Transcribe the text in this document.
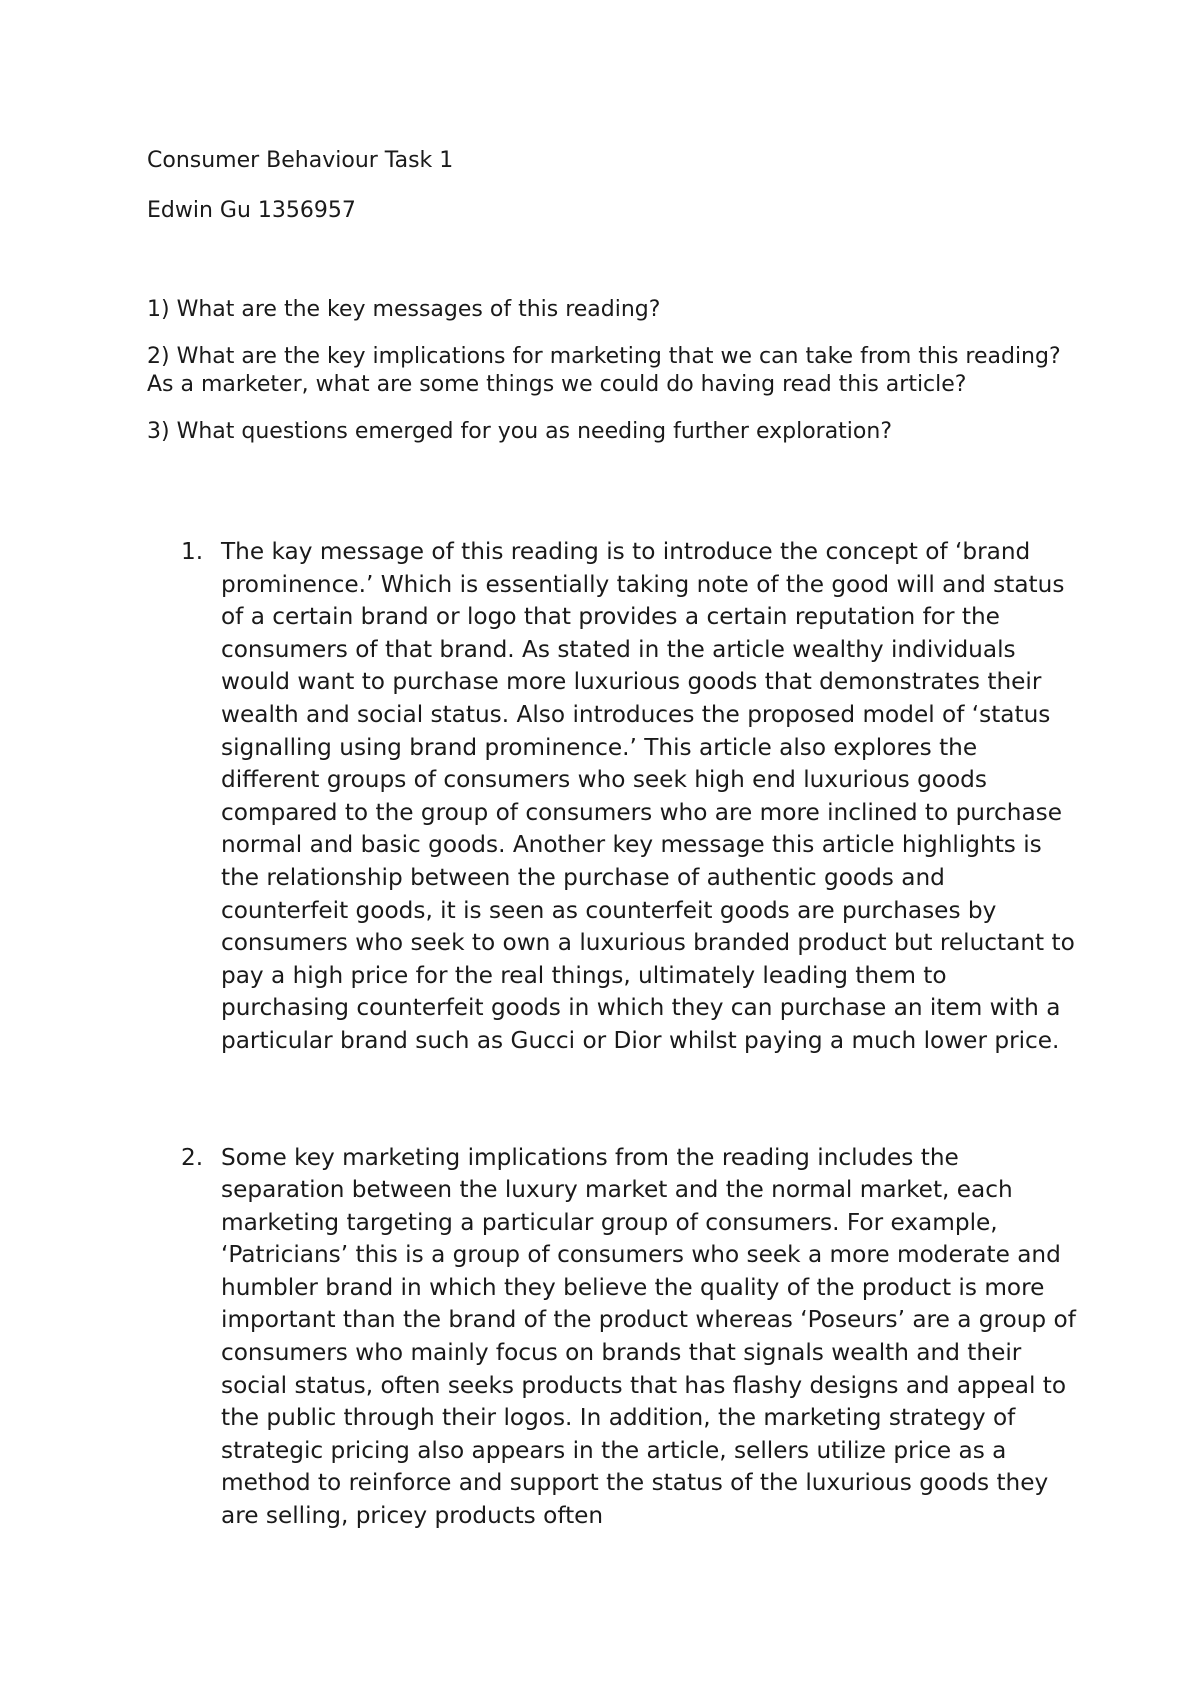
Consumer Behaviour Task 1

Edwin Gu 1356957

1) What are the key messages of this reading?

2) What are the key implications for marketing that we can take from this reading? As a marketer, what are some things we could do having read this article?

3) What questions emerged for you as needing further exploration?

1. The kay message of this reading is to introduce the concept of ‘brand prominence.’ Which is essentially taking note of the good will and status of a certain brand or logo that provides a certain reputation for the consumers of that brand. As stated in the article wealthy individuals would want to purchase more luxurious goods that demonstrates their wealth and social status. Also introduces the proposed model of ‘status signalling using brand prominence.’ This article also explores the different groups of consumers who seek high end luxurious goods compared to the group of consumers who are more inclined to purchase normal and basic goods. Another key message this article highlights is the relationship between the purchase of authentic goods and counterfeit goods, it is seen as counterfeit goods are purchases by consumers who seek to own a luxurious branded product but reluctant to pay a high price for the real things, ultimately leading them to purchasing counterfeit goods in which they can purchase an item with a particular brand such as Gucci or Dior whilst paying a much lower price.
2. Some key marketing implications from the reading includes the separation between the luxury market and the normal market, each marketing targeting a particular group of consumers. For example, ‘Patricians’ this is a group of consumers who seek a more moderate and humbler brand in which they believe the quality of the product is more important than the brand of the product whereas ‘Poseurs’ are a group of consumers who mainly focus on brands that signals wealth and their social status, often seeks products that has flashy designs and appeal to the public through their logos. In addition, the marketing strategy of strategic pricing also appears in the article, sellers utilize price as a method to reinforce and support the status of the luxurious goods they are selling, pricey products often
